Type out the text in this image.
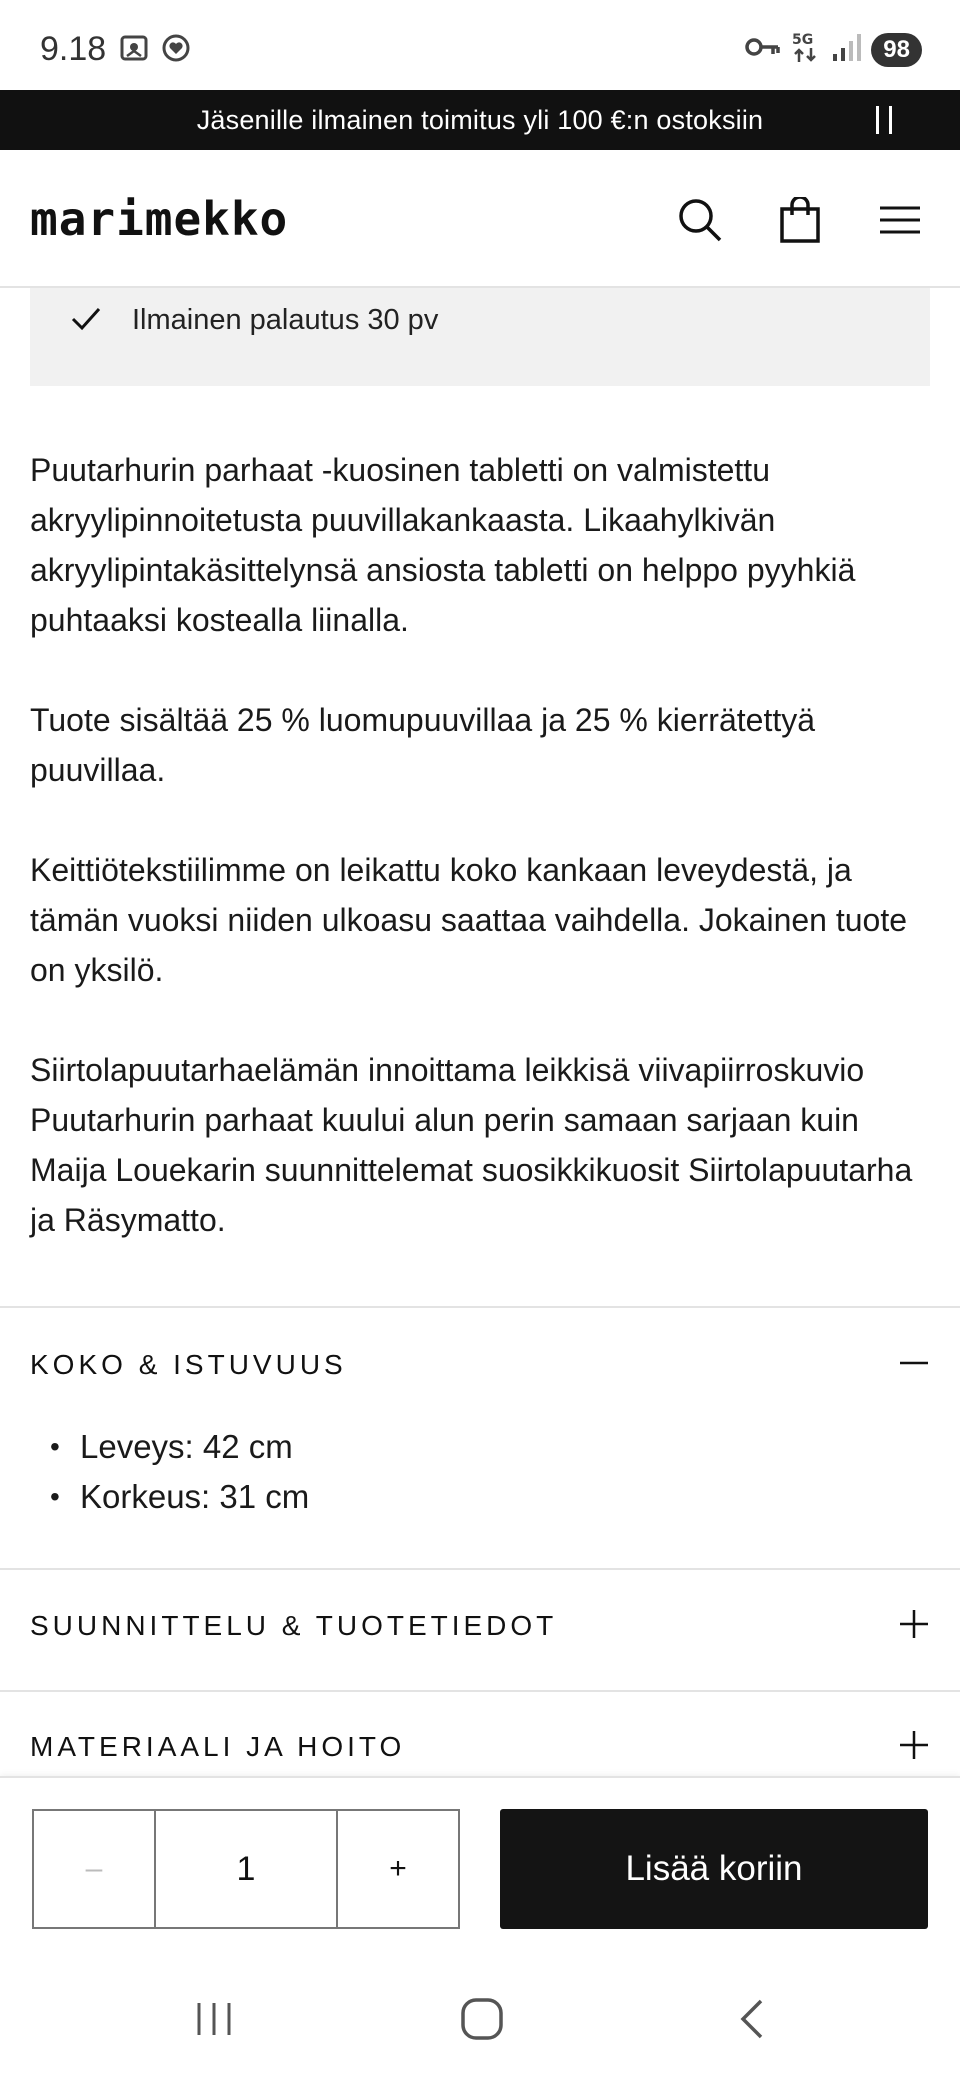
9.18	5G	98
Jäsenille ilmainen toimitus yli 100 €:n ostoksiin
marimekko
Ilmainen palautus 30 pv

Puutarhurin parhaat -kuosinen tabletti on valmistettu akryylipinnoitetusta puuvillakankaasta. Likaahylkivän akryylipintakäsittelynsä ansiosta tabletti on helppo pyyhkiä puhtaaksi kostealla liinalla.

Tuote sisältää 25 % luomupuuvillaa ja 25 % kierrätettyä puuvillaa.

Keittiötekstiilimme on leikattu koko kankaan leveydestä, ja tämän vuoksi niiden ulkoasu saattaa vaihdella. Jokainen tuote on yksilö.

Siirtolapuutarhaelämän innoittama leikkisä viivapiirroskuvio Puutarhurin parhaat kuului alun perin samaan sarjaan kuin Maija Louekarin suunnittelemat suosikkikuosit Siirtolapuutarha ja Räsymatto.

KOKO & ISTUVUUS
• Leveys: 42 cm
• Korkeus: 31 cm
SUUNNITTELU & TUOTETIEDOT
MATERIAALI JA HOITO
–
1	+	Lisää koriin
